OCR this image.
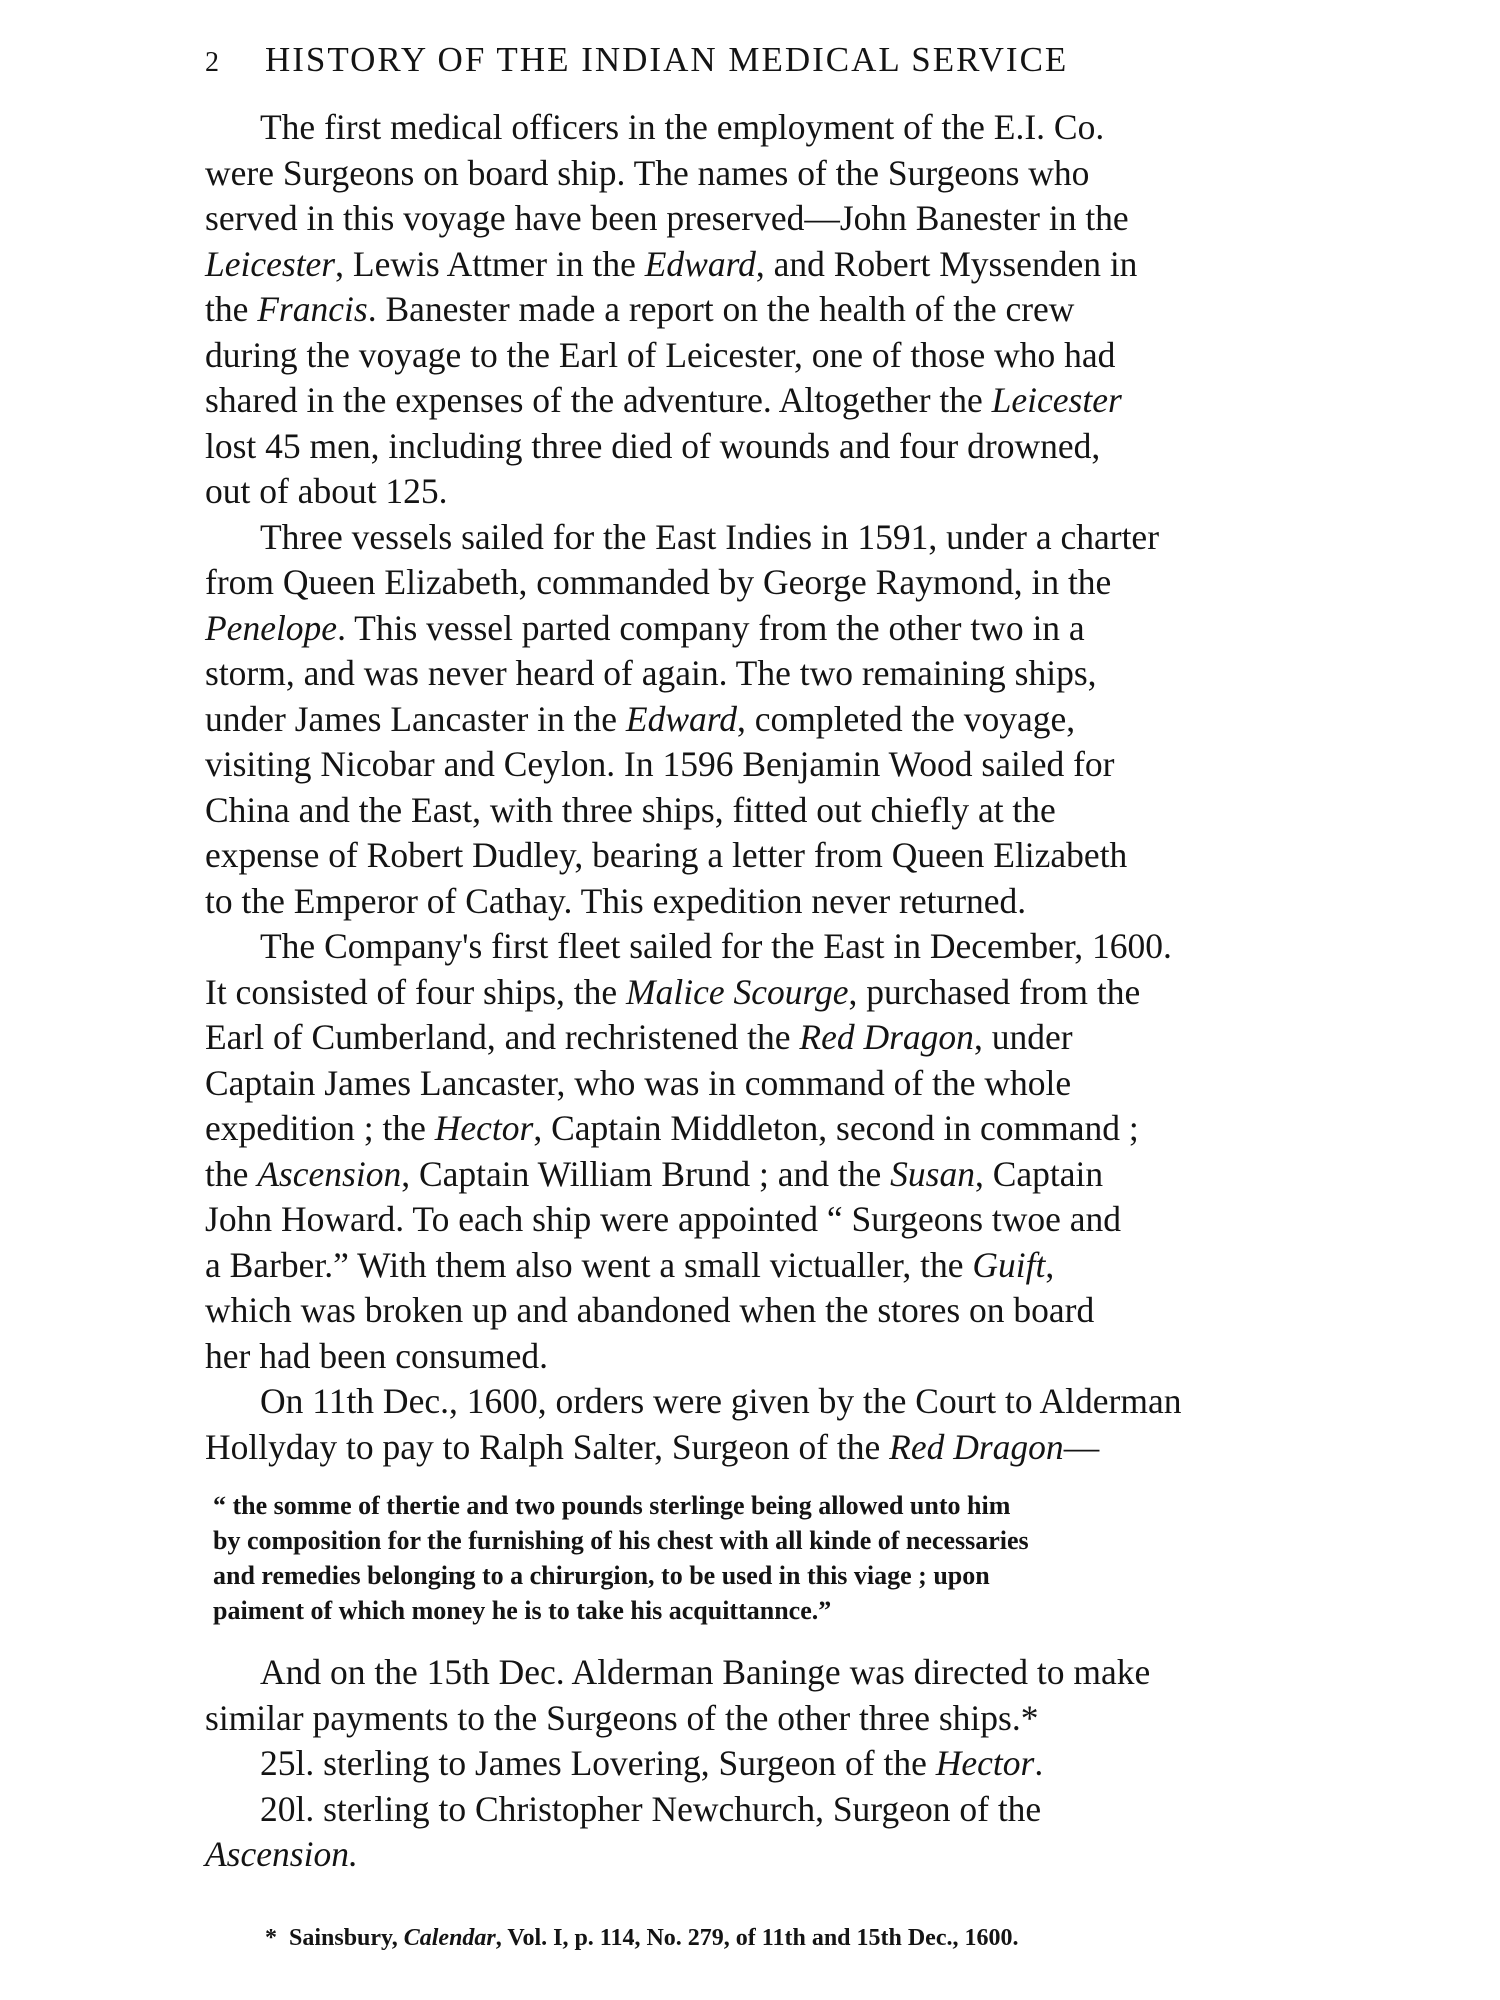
2	HISTORY OF THE INDIAN MEDICAL SERVICE

The first medical officers in the employment of the E.I. Co.
were Surgeons on board ship. The names of the Surgeons who
served in this voyage have been preserved—John Banester in the
Leicester, Lewis Attmer in the Edward, and Robert Myssenden in
the Francis. Banester made a report on the health of the crew
during the voyage to the Earl of Leicester, one of those who had
shared in the expenses of the adventure. Altogether the Leicester
lost 45 men, including three died of wounds and four drowned,
out of about 125.

Three vessels sailed for the East Indies in 1591, under a charter
from Queen Elizabeth, commanded by George Raymond, in the
Penelope. This vessel parted company from the other two in a
storm, and was never heard of again. The two remaining ships,
under James Lancaster in the Edward, completed the voyage,
visiting Nicobar and Ceylon. In 1596 Benjamin Wood sailed for
China and the East, with three ships, fitted out chiefly at the
expense of Robert Dudley, bearing a letter from Queen Elizabeth
to the Emperor of Cathay. This expedition never returned.

The Company's first fleet sailed for the East in December, 1600.
It consisted of four ships, the Malice Scourge, purchased from the
Earl of Cumberland, and rechristened the Red Dragon, under
Captain James Lancaster, who was in command of the whole
expedition ; the Hector, Captain Middleton, second in command ;
the Ascension, Captain William Brund ; and the Susan, Captain
John Howard. To each ship were appointed “ Surgeons twoe and
a Barber.” With them also went a small victualler, the Guift,
which was broken up and abandoned when the stores on board
her had been consumed.

On 11th Dec., 1600, orders were given by the Court to Alderman
Hollyday to pay to Ralph Salter, Surgeon of the Red Dragon—

“ the somme of thertie and two pounds sterlinge being allowed unto him
by composition for the furnishing of his chest with all kinde of necessaries
and remedies belonging to a chirurgion, to be used in this viage ; upon
paiment of which money he is to take his acquittannce.”

And on the 15th Dec. Alderman Baninge was directed to make
similar payments to the Surgeons of the other three ships.*

25l. sterling to James Lovering, Surgeon of the Hector.

20l. sterling to Christopher Newchurch, Surgeon of the
Ascension.

* Sainsbury, Calendar, Vol. I, p. 114, No. 279, of 11th and 15th Dec., 1600.
